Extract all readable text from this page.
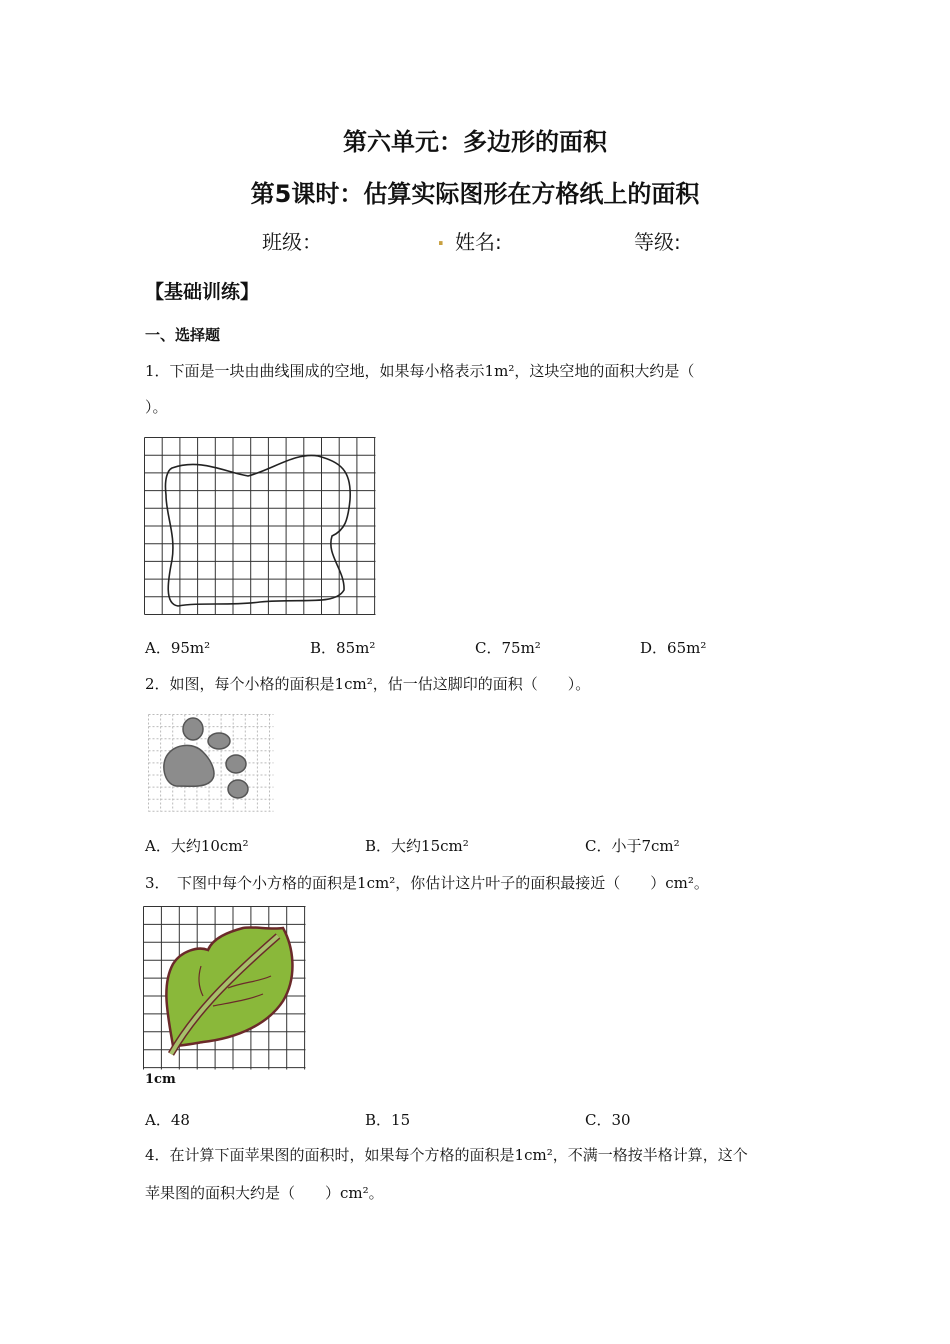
第六单元：多边形的面积
第5课时：估算实际图形在方格纸上的面积
班级：	. 姓名:	等级:
【基础训练】
一、选择题
1．下面是一块由曲线围成的空地，如果每小格表示1m²，这块空地的面积大约是（
）。
A．95m²	B．85m²	C．75m²	D．65m²
2．如图，每个小格的面积是1cm²，估一估这脚印的面积（　　）。
A．大约10cm²	B．大约15cm²	C．小于7cm²
3．　下图中每个小方格的面积是1cm²，你估计这片叶子的面积最接近（　　）cm²。
1cm
A．48	B．15	C．30
4．在计算下面苹果图的面积时，如果每个方格的面积是1cm²，不满一格按半格计算，这个
苹果图的面积大约是（　　）cm²。
